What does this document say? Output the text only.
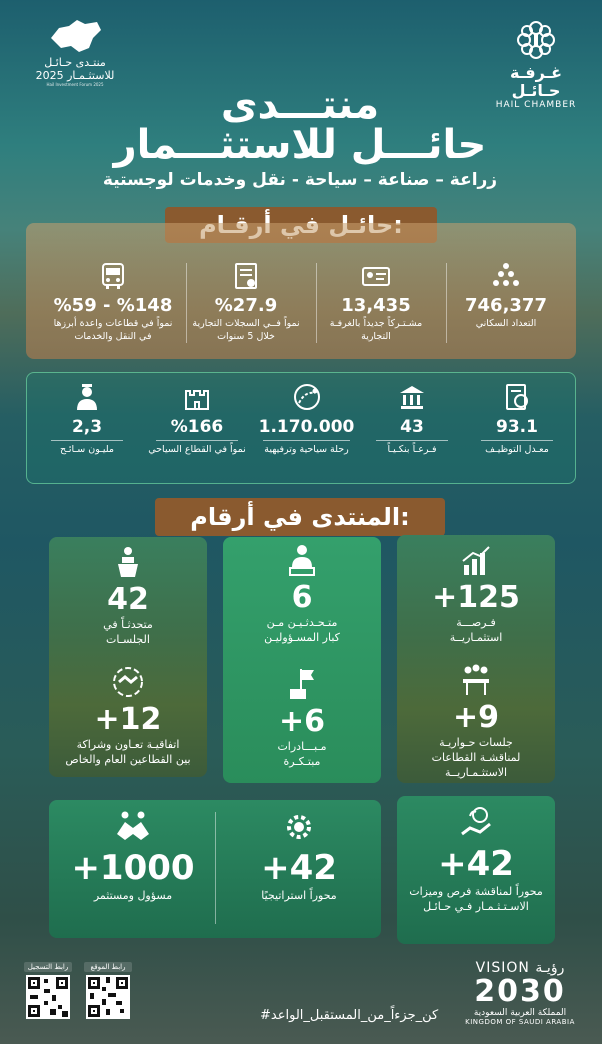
منتـدى حـائـل
للاستثـمـار 2025
Hail Investment Forum 2025
غـرفـة حـائـل
HAIL CHAMBER
منتـــدى
حائـــل للاستثـــمار
زراعة – صناعة – سياحة - نقل وخدمات لوجستية
746,377
التعداد السكاني
13,435
مشـتـركاً جديداً بالغرفـة التجارية
%27.9
نمواً فــي السجلات التجارية خلال 5 سنوات
%59 - %148
نمواً في قطاعات واعدة أبرزها في النقل والخدمات
93.1
معـدل التوظيـف
43
فـرعـاً بنكـيـاً
1.170.000
رحلة سياحية وترفيهية
%166
نمواً في القطاع السياحي
2,3
مليـون سـائـح
المنتدى في أرقام:
42
متحدثـاً في
الجلسـات
+12
اتفاقيـة تعـاون وشراكة
بين القطاعين العام والخاص
6
متـحـدثـيـن مـن
كبار المسـؤوليـن
+6
مـبـــادرات
مبتـكـرة
+125
فـرصـــة
استثمـاريــة
+9
جلسات حـواريـة
لمناقشـة القطاعات
الاستثـمـاريــة
+1000
مسؤول ومستثمر
+42
محوراً استراتيجيًا
+42
محوراً لمناقشة فرص وميزات
الاسـتـثـمـار فـي حـائـل
رابط التسجيل	رابط الموقع
#كن_جزءاً_من_المستقبل_الواعد
VISION رؤيـة
2030
المملكة العربية السعودية
KINGDOM OF SAUDI ARABIA
